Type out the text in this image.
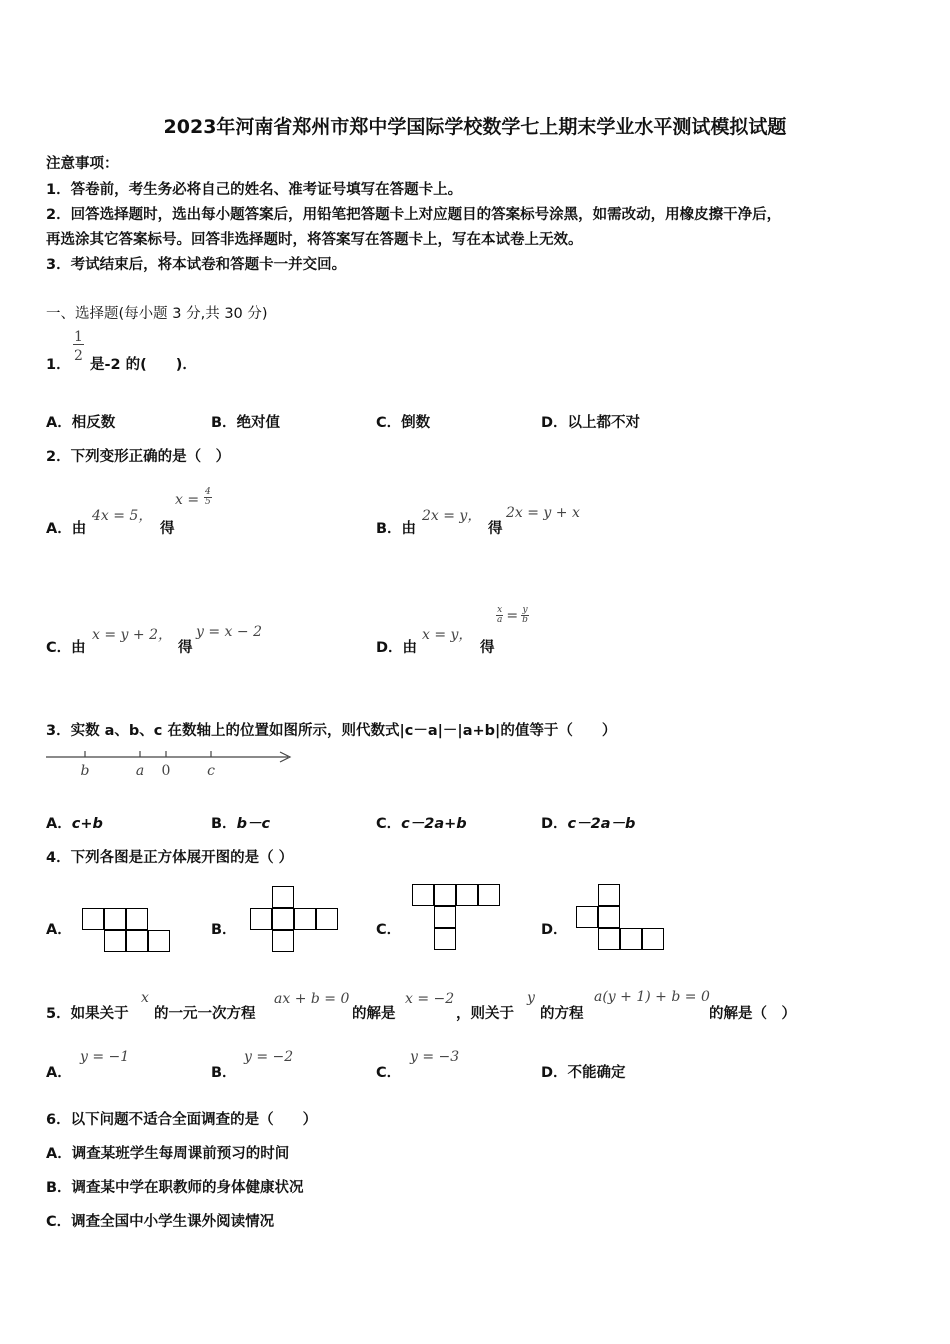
2023年河南省郑州市郑中学国际学校数学七上期末学业水平测试模拟试题
注意事项：
1．答卷前，考生务必将自己的姓名、准考证号填写在答题卡上。
2．回答选择题时，选出每小题答案后，用铅笔把答题卡上对应题目的答案标号涂黑，如需改动，用橡皮擦干净后，
再选涂其它答案标号。回答非选择题时，将答案写在答题卡上，写在本试卷上无效。
3．考试结束后，将本试卷和答题卡一并交回。
一、选择题(每小题 3 分,共 30 分)
1．
$\frac{1}{2}$
是-2 的(　　)．
A．相反数	B．绝对值	C．倒数	D．以上都不对
2．下列变形正确的是（　）
A．由
4x = 5，
得
$x = \frac{4}{5}$
B．由
2x = y，
得
2x = y + x
C．由
x = y + 2，
得
y = x − 2
D．由
x = y，
得
$\frac{x}{a} = \frac{y}{b}$
3．实数 a、b、c 在数轴上的位置如图所示，则代数式|c－a|－|a+b|的值等于（　　）
b	a 0	c
A．c+b	B．b－c	C．c－2a+b	D．c－2a－b
4．下列各图是正方体展开图的是（ ）
A．	B．	C．	D．
5．如果关于
x
的一元一次方程
ax + b = 0
的解是
x = −2
，则关于
y
的方程
a(y + 1) + b = 0
的解是（　）
A．
y = −1
B．
y = −2
C．
y = −3
D．不能确定
6．以下问题不适合全面调查的是（　　）
A．调查某班学生每周课前预习的时间
B．调查某中学在职教师的身体健康状况
C．调查全国中小学生课外阅读情况
